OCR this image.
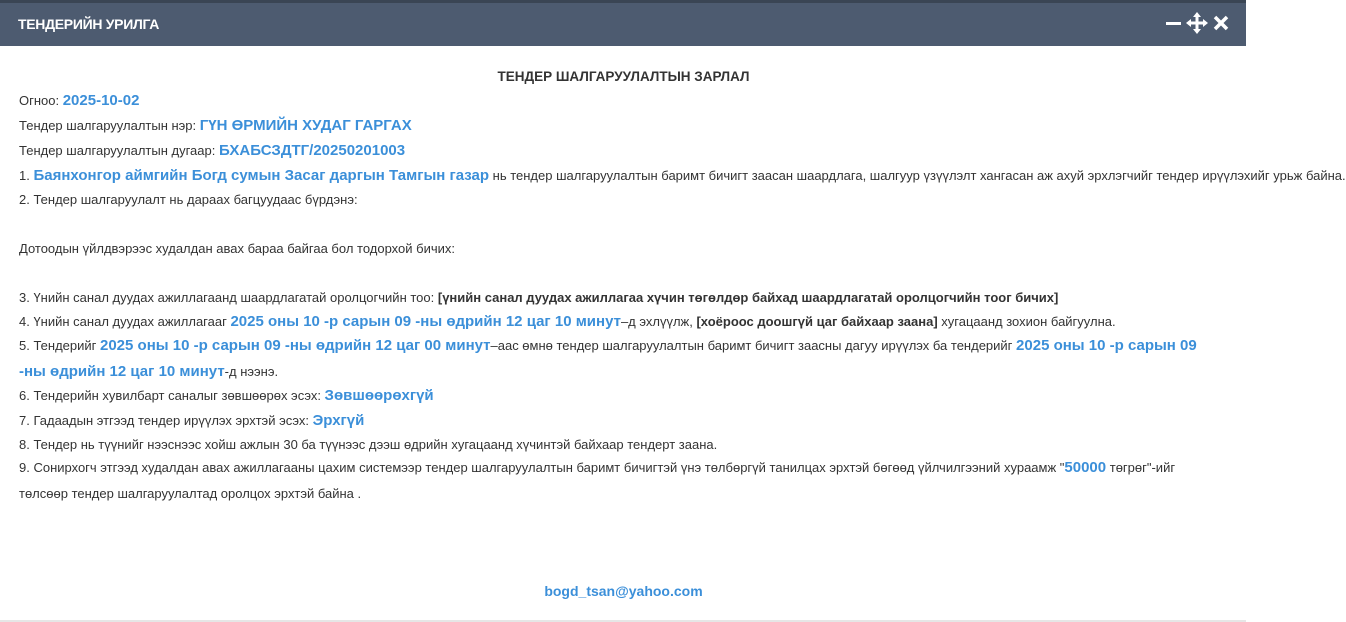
ТЕНДЕРИЙН УРИЛГА
ТЕНДЕР ШАЛГАРУУЛАЛТЫН ЗАРЛАЛ
Огноо: 2025-10-02
Тендер шалгаруулалтын нэр: ГҮН ӨРМИЙН ХУДАГ ГАРГАХ
Тендер шалгаруулалтын дугаар: БХАБСЗДТГ/20250201003
1. Баянхонгор аймгийн Богд сумын Засаг даргын Тамгын газар нь тендер шалгаруулалтын баримт бичигт заасан шаардлага, шалгуур үзүүлэлт хангасан аж ахуй эрхлэгчийг тендер ирүүлэхийг урьж байна.
2. Тендер шалгаруулалт нь дараах багцуудаас бүрдэнэ:
Дотоодын үйлдвэрээс худалдан авах бараа байгаа бол тодорхой бичих:
3. Үнийн санал дуудах ажиллагаанд шаардлагатай оролцогчийн тоо: [үнийн санал дуудах ажиллагаа хүчин төгөлдөр байхад шаардлагатай оролцогчийн тоог бичих]
4. Үнийн санал дуудах ажиллагааг 2025 оны 10 -р сарын 09 -ны өдрийн 12 цаг 10 минут–д эхлүүлж, [хоёроос доошгүй цаг байхаар заана] хугацаанд зохион байгуулна.
5. Тендерийг 2025 оны 10 -р сарын 09 -ны өдрийн 12 цаг 00 минут–аас өмнө тендер шалгаруулалтын баримт бичигт заасны дагуу ирүүлэх ба тендерийг 2025 оны 10 -р сарын 09 -ны өдрийн 12 цаг 10 минут-д нээнэ.
6. Тендерийн хувилбарт саналыг зөвшөөрөх эсэх: Зөвшөөрөхгүй
7. Гадаадын этгээд тендер ирүүлэх эрхтэй эсэх: Эрхгүй
8. Тендер нь түүнийг нээснээс хойш ажлын 30 ба түүнээс дээш өдрийн хугацаанд хүчинтэй байхаар тендерт заана.
9. Сонирхогч этгээд худалдан авах ажиллагааны цахим системээр тендер шалгаруулалтын баримт бичигтэй үнэ төлбөргүй танилцах эрхтэй бөгөөд үйлчилгээний хураамж "50000 төгрөг"-ийг төлсөөр тендер шалгаруулалтад оролцох эрхтэй байна .
bogd_tsan@yahoo.com
